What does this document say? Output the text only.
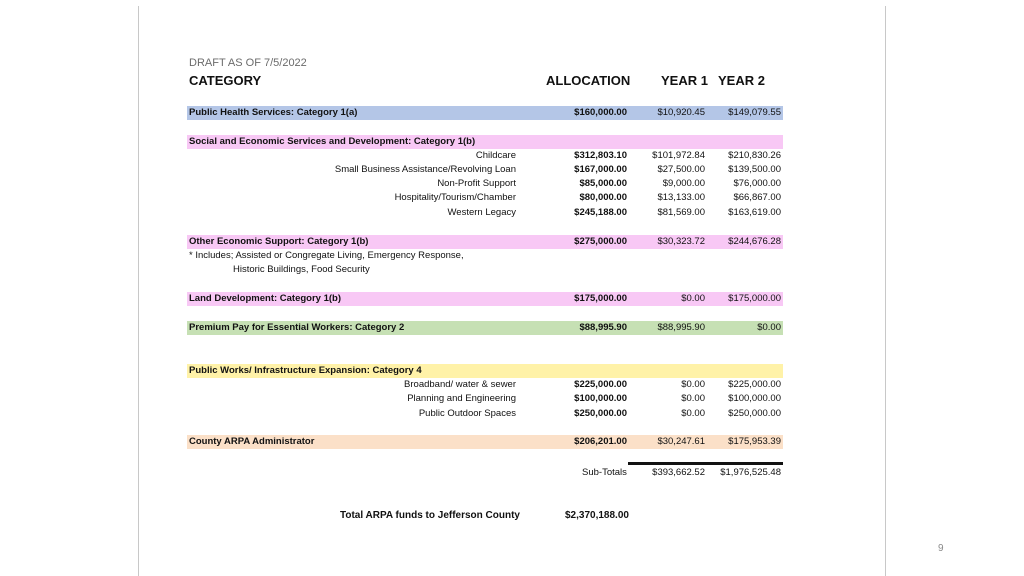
DRAFT AS OF 7/5/2022
CATEGORY	ALLOCATION YEAR 1 YEAR 2
Public Health Services: Category 1(a)	$160,000.00	$10,920.45 $149,079.55
Social and Economic Services and Development: Category 1(b)
Childcare	$312,803.10	$101,972.84 $210,830.26
Small Business Assistance/Revolving Loan	$167,000.00	$27,500.00 $139,500.00
Non-Profit Support	$85,000.00	$9,000.00	$76,000.00
Hospitality/Tourism/Chamber	$80,000.00	$13,133.00	$66,867.00
Western Legacy	$245,188.00	$81,569.00 $163,619.00
Other Economic Support: Category 1(b)	$275,000.00	$30,323.72 $244,676.28
* Includes; Assisted or Congregate Living, Emergency Response,
Historic Buildings, Food Security
Land Development: Category 1(b)	$175,000.00	$0.00 $175,000.00
Premium Pay for Essential Workers: Category 2	$88,995.90	$88,995.90	$0.00
Public Works/ Infrastructure Expansion: Category 4
Broadband/ water & sewer	$225,000.00	$0.00 $225,000.00
Planning and Engineering	$100,000.00	$0.00 $100,000.00
Public Outdoor Spaces	$250,000.00	$0.00 $250,000.00
County ARPA Administrator	$206,201.00	$30,247.61 $175,953.39
Sub-Totals	$393,662.52 $1,976,525.48
Total ARPA funds to Jefferson County	$2,370,188.00
9
